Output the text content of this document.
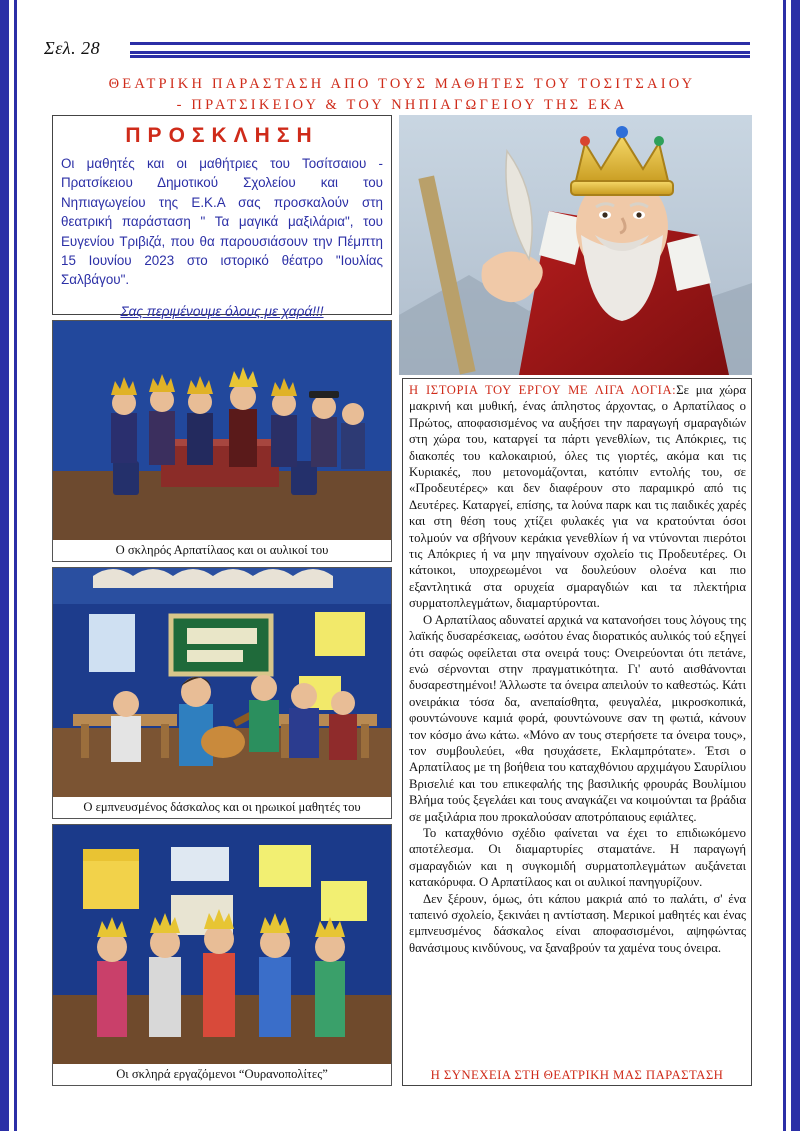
Σελ. 28
ΘΕΑΤΡΙΚΗ ΠΑΡΑΣΤΑΣΗ ΑΠΟ ΤΟΥΣ ΜΑΘΗΤΕΣ ΤΟΥ ΤΟΣΙΤΣΑΙΟΥ
- ΠΡΑΤΣΙΚΕΙΟΥ & ΤΟΥ ΝΗΠΙΑΓΩΓΕΙΟΥ ΤΗΣ ΕΚΑ
ΠΡΟΣΚΛΗΣΗ
Οι μαθητές και οι μαθήτριες του Τοσίτσαιου - Πρατσίκειου Δημοτικού Σχολείου και του Νηπιαγωγείου της Ε.Κ.Α σας προσκαλούν στη θεατρική παράσταση " Τα μαγικά μαξιλάρια", του Ευγενίου Τριβιζά, που θα παρουσιάσουν την Πέμπτη 15 Ιουνίου 2023 στο ιστορικό θέατρο "Ιουλίας Σαλβάγου".
Σας περιμένουμε όλους με χαρά!!!
Ο σκληρός Αρπατίλαος και οι αυλικοί του
Ο εμπνευσμένος δάσκαλος και οι ηρωικοί μαθητές του
Οι σκληρά εργαζόμενοι “Ουρανοπολίτες”

Η ΙΣΤΟΡΙΑ ΤΟΥ ΕΡΓΟΥ ΜΕ ΛΙΓΑ ΛΟΓΙΑ:Σε μια χώρα μακρινή και μυθική, ένας άπληστος άρχοντας, ο Αρπατίλαος ο Πρώτος, αποφασισμένος να αυξήσει την παραγωγή σμαραγδιών στη χώρα του, καταργεί τα πάρτι γενεθλίων, τις Απόκριες, τις διακοπές του καλοκαιριού, όλες τις γιορτές, ακόμα και τις Κυριακές, που μετονομάζονται, κατόπιν εντολής του, σε «Προδευτέρες» και δεν διαφέρουν στο παραμικρό από τις Δευτέρες. Καταργεί, επίσης, τα λούνα παρκ και τις παιδικές χαρές και στη θέση τους χτίζει φυλακές για να κρατούνται όσοι τολμούν να σβήνουν κεράκια γενεθλίων ή να ντύνονται πιερότοι τις Απόκριες ή να μην πηγαίνουν σχολείο τις Προδευτέρες. Οι κάτοικοι, υποχρεωμένοι να δουλεύουν ολοένα και πιο εξαντλητικά στα ορυχεία σμαραγδιών και τα πλεκτήρια συρματοπλεγμάτων, διαμαρτύρονται.

Ο Αρπατίλαος αδυνατεί αρχικά να κατανοήσει τους λόγους της λαϊκής δυσαρέσκειας, ωσότου ένας διορατικός αυλικός τού εξηγεί ότι σαφώς οφείλεται στα ονειρά τους: Ονειρεύονται ότι πετάνε, ενώ σέρνονται στην πραγματικότητα. Γι' αυτό αισθάνονται δυσαρεστημένοι! Άλλωστε τα όνειρα απειλούν το καθεστώς. Κάτι ονειράκια τόσα δα, ανεπαίσθητα, φευγαλέα, μικροσκοπικά, φουντώνουνε καμιά φορά, φουντώνουνε σαν τη φωτιά, κάνουν τον κόσμο άνω κάτω. «Μόνο αν τους στερήσετε τα όνειρα τους», τον συμβουλεύει, «θα ησυχάσετε, Εκλαμπρότατε». Έτσι ο Αρπατίλαος με τη βοήθεια του καταχθόνιου αρχιμάγου Σαυρίλιου Βρισελιέ και του επικεφαλής της βασιλικής φρουράς Βουλίμιου Βλήμα τούς ξεγελάει και τους αναγκάζει να κοιμούνται τα βράδια σε μαξιλάρια που προκαλούσαν αποτρόπαιους εφιάλτες.

Το καταχθόνιο σχέδιο φαίνεται να έχει το επιδιωκόμενο αποτέλεσμα. Οι διαμαρτυρίες σταματάνε. Η παραγωγή σμαραγδιών και η συγκομιδή συρματοπλεγμάτων αυξάνεται κατακόρυφα. Ο Αρπατίλαος και οι αυλικοί πανηγυρίζουν.

Δεν ξέρουν, όμως, ότι κάπου μακριά από το παλάτι, σ' ένα ταπεινό σχολείο, ξεκινάει η αντίσταση. Μερικοί μαθητές και ένας εμπνευσμένος δάσκαλος είναι αποφασισμένοι, αψηφώντας θανάσιμους κινδύνους, να ξαναβρούν τα χαμένα τους όνειρα.

Η ΣΥΝΕΧΕΙΑ ΣΤΗ ΘΕΑΤΡΙΚΗ ΜΑΣ ΠΑΡΑΣΤΑΣΗ
